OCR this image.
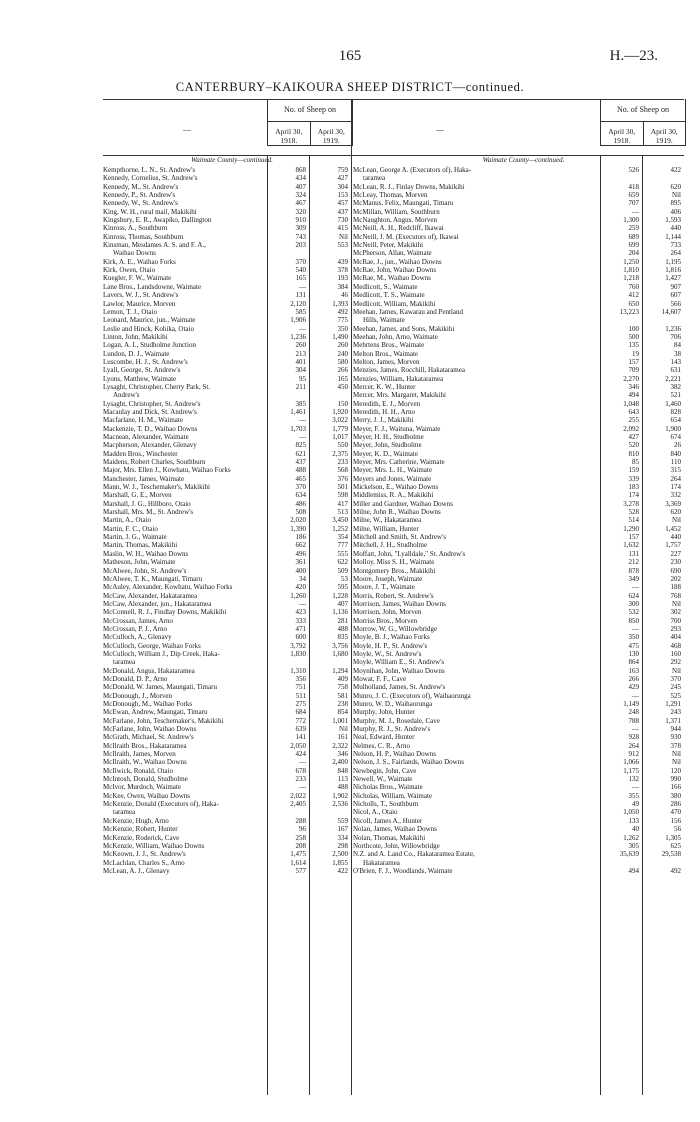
165	H.—23.
CANTERBURY–KAIKOURA SHEEP DISTRICT—continued.
—
No. of Sheep on
April 30, 1918.
April 30, 1919.
—
No. of Sheep on
April 30, 1918.
April 30, 1919.
Waimate County—continued.
Kempthorne, L. N., St. Andrew's	868	759
Kennedy, Cornelius, St. Andrew's	434	427
Kennedy, M., St. Andrew's	407	304
Kennedy, P., St. Andrew's	324	153
Kennedy, W., St. Andrew's	467	457
King, W. H., rural mail, Makikihi	320	437
Kingsbury, E. R., Awapiko, Dallington	910	730
Kinross, A., Southburn	309	415
Kinross, Thomas, Southburn	743	Nil
Kinsman, Mesdames A. S. and F. A.,	203	553
Waihao Downs
Kirk, A. E., Waihao Forks	370	439
Kirk, Owen, Otaio	540	378
Kuegler, F. W., Waimate	165	193
Lane Bros., Landsdowne, Waimate	—	384
Lavers, W. J., St. Andrew's	131	46
Lawlor, Maurice, Morven	2,120	1,393
Lemon, T. J., Otaio	585	492
Leonard, Maurice, jun., Waimate	1,906	775
Leslie and Hinck, Kohika, Otaio	—	350
Linton, John, Makikihi	1,236	1,490
Logan, A. I., Studholme Junction	260	260
Lundon, D. J., Waimate	213	240
Luscombe, H. J., St. Andrew's	401	580
Lyall, George, St. Andrew's	304	266
Lyons, Matthew, Waimate	95	165
Lysaght, Christopher, Cherry Park, St.	211	450
Andrew's
Lysaght, Christopher, St. Andrew's	385	150
Macaulay and Dick, St. Andrew's	1,461	1,920
Macfarlane, H. M., Waimate	—	3,022
Mackenzie, T. D., Waihao Downs	1,703	1,779
Macnean, Alexander, Waimate	—	1,017
Macpherson, Alexander, Glenavy	825	550
Madden Bros., Winchester	621	2,375
Maidens, Robert Charles, Southburn	437	233
Major, Mrs. Ellen J., Kowhatu, Waihao Forks	488	568
Manchester, James, Waimate	465	376
Mann, W. J., Teschemaker's, Makikihi	370	501
Marshall, G. E., Morven	634	598
Marshall, J. G., Hillboro, Otaio	486	417
Marshall, Mrs. M., St. Andrew's	508	513
Martin, A., Otaio	2,020	3,450
Martin, F. C., Otaio	1,390	1,252
Martin, J. G., Waimate	186	354
Martin, Thomas, Makikihi	662	777
Maslin, W. H., Waihao Downs	496	555
Matheson, John, Waimate	361	622
McAlwee, John, St. Andrew's	400	509
McAlwee, T. K., Maungati, Timaru	34	53
McAuley, Alexander, Kowhatu, Waihao Forks	420	595
McCaw, Alexander, Hakataramea	1,260	1,228
McCaw, Alexander, jun., Hakataramea	—	407
McConnell, R. J., Findlay Downs, Makikihi	423	1,136
McCrossan, James, Arno	333	281
McCrossan, P. J., Arno	471	488
McCulloch, A., Glenavy	600	835
McCulloch, George, Waihao Forks	3,792	3,756
McCulloch, William J., Dip Creek, Haka-	1,830	1,680
taramea
McDonald, Angus, Hakataramea	1,310	1,294
McDonald, D. P., Arno	356	409
McDonald, W. James, Maungati, Timaru	751	758
McDonough, J., Morven	511	581
McDonough, M., Waihao Forks	275	238
McEwan, Andrew, Maungati, Timaru	684	854
McFarlane, John, Teschemaker's, Makikihi	772	1,001
McFarlane, John, Waihao Downs	639	Nil
McGrath, Michael, St. Andrew's	141	161
McIlraith Bros., Hakataramea	2,050	2,322
McIlraith, James, Morven	424	346
McIlraith, W., Waihao Downs	—	2,400
McIlwick, Ronald, Otaio	678	848
McIntosh, Donald, Studholme	233	113
McIvor, Murdoch, Waimate	—	488
McKee, Owen, Waihao Downs	2,022	1,902
McKenzie, Donald (Executors of), Haka-	2,405	2,536
taramea
McKenzie, Hugh, Arno	288	559
McKenzie, Robert, Hunter	96	167
McKenzie, Roderick, Cave	258	334
McKenzie, William, Waihao Downs	208	298
McKeown, J. J., St. Andrew's	1,475	2,500
McLachlan, Charles S., Arno	1,614	1,855
McLean, A. J., Glenavy	577	422
Waimate County—continued.
McLean, George A. (Executors of), Haka-	526	422
taramea
McLean, R. J., Finlay Downs, Makikihi	418	620
McLeay, Thomas, Morven	659	Nil
McManus, Felix, Maungati, Timaru	707	895
McMillan, William, Southburn	—	406
McNaughton, Angus, Morven	1,300	1,593
McNeill, A. H., Redcliff, Ikawai	259	440
McNeill, J. M. (Executors of), Ikawai	689	1,144
McNeill, Peter, Makikihi	699	733
McPherson, Allan, Waimate	204	264
McRae, J., jun., Waihao Downs	1,250	1,195
McRae, John, Waihao Downs	1,810	1,816
McRae, M., Waihao Downs	1,218	1,427
Medlicott, S., Waimate	760	907
Medlicott, T. S., Waimate	412	607
Medlicott, William, Makikihi	650	566
Meehan, James, Kawarau and Pentland	13,223	14,607
Hills, Waimate
Meehan, James, and Sons, Makikihi	100	1,236
Meehan, John, Arno, Waimate	500	706
Mehrtens Bros., Waimate	135	84
Melton Bros., Waimate	19	38
Melton, James, Morven	157	143
Menzies, James, Rocchill, Hakataramea	709	631
Menzies, William, Hakataramea	2,270	2,221
Mercer, K. W., Hunter	346	382
Mercer, Mrs. Margaret, Makikihi	494	521
Meredith, E. J., Morven	1,048	1,460
Meredith, H. H., Arno	643	828
Merry, J. J., Makikihi	255	654
Meyer, F. J., Waituna, Waimate	2,092	1,900
Meyer, H. H., Studholme	427	674
Meyer, John, Studholme	520	26
Meyer, K. D., Waimate	810	840
Meyer, Mrs. Catherine, Waimate	85	110
Meyer, Mrs. L. H., Waimate	159	315
Meyers and Jones, Waimate	339	264
Mickelson, E., Waihao Downs	183	174
Middlemiss, R. A., Makikihi	174	332
Miller and Gardner, Waihao Downs	3,278	3,369
Milne, John R., Waihao Downs	528	620
Milne, W., Hakataramea	514	Nil
Milne, William, Hunter	1,290	1,452
Mitchell and Smith, St. Andrew's	157	440
Mitchell, J. H., Studholme	1,632	1,757
Moffatt, John, "Lyalldale," St. Andrew's	131	227
Molloy, Miss S. H., Waimate	212	230
Montgomery Bros., Makikihi	878	690
Moore, Joseph, Waimate	349	202
Moore, J. T., Waimate	—	188
Morris, Robert, St. Andrew's	624	768
Morrison, James, Waihao Downs	300	Nil
Morrison, John, Morven	532	302
Morriss Bros., Morven	850	700
Morrow, W. G., Willowbridge	—	293
Moyle, B. J., Waihao Forks	350	404
Moyle, H. P., St. Andrew's	475	468
Moyle, W., St. Andrew's	130	160
Moyle, William E., St. Andrew's	864	292
Moynihan, John, Waihao Downs	163	Nil
Mowat, F. F., Cave	266	370
Mulholland, James, St. Andrew's	429	245
Munro, J. C. (Executors of), Waihaorunga	—	525
Munro, W. D., Waihaorunga	1,149	1,291
Murphy, John, Hunter	248	243
Murphy, M. J., Rosedale, Cave	788	1,371
Murphy, R. J., St. Andrew's	—	944
Neal, Edward, Hunter	928	930
Nelmes, C. R., Arno	264	378
Nelson, H. P., Waihao Downs	912	Nil
Nelson, J. S., Fairlands, Waihao Downs	1,066	Nil
Newbegin, John, Cave	1,175	120
Newell, W., Waimate	132	990
Nicholas Bros., Waimate	—	166
Nicholas, William, Waimate	355	380
Nicholls, T., Southburn	49	286
Nicol, A., Otaio	1,050	470
Nicoll, James A., Hunter	133	156
Nolan, James, Waihao Downs	40	56
Nolan, Thomas, Makikihi	1,262	1,305
Northcote, John, Willowbridge	305	625
N.Z. and A. Land Co., Hakataramea Estate,	35,639	29,538
Hakataramea
O'Brien, F. J., Woodlands, Waimate	494	492
